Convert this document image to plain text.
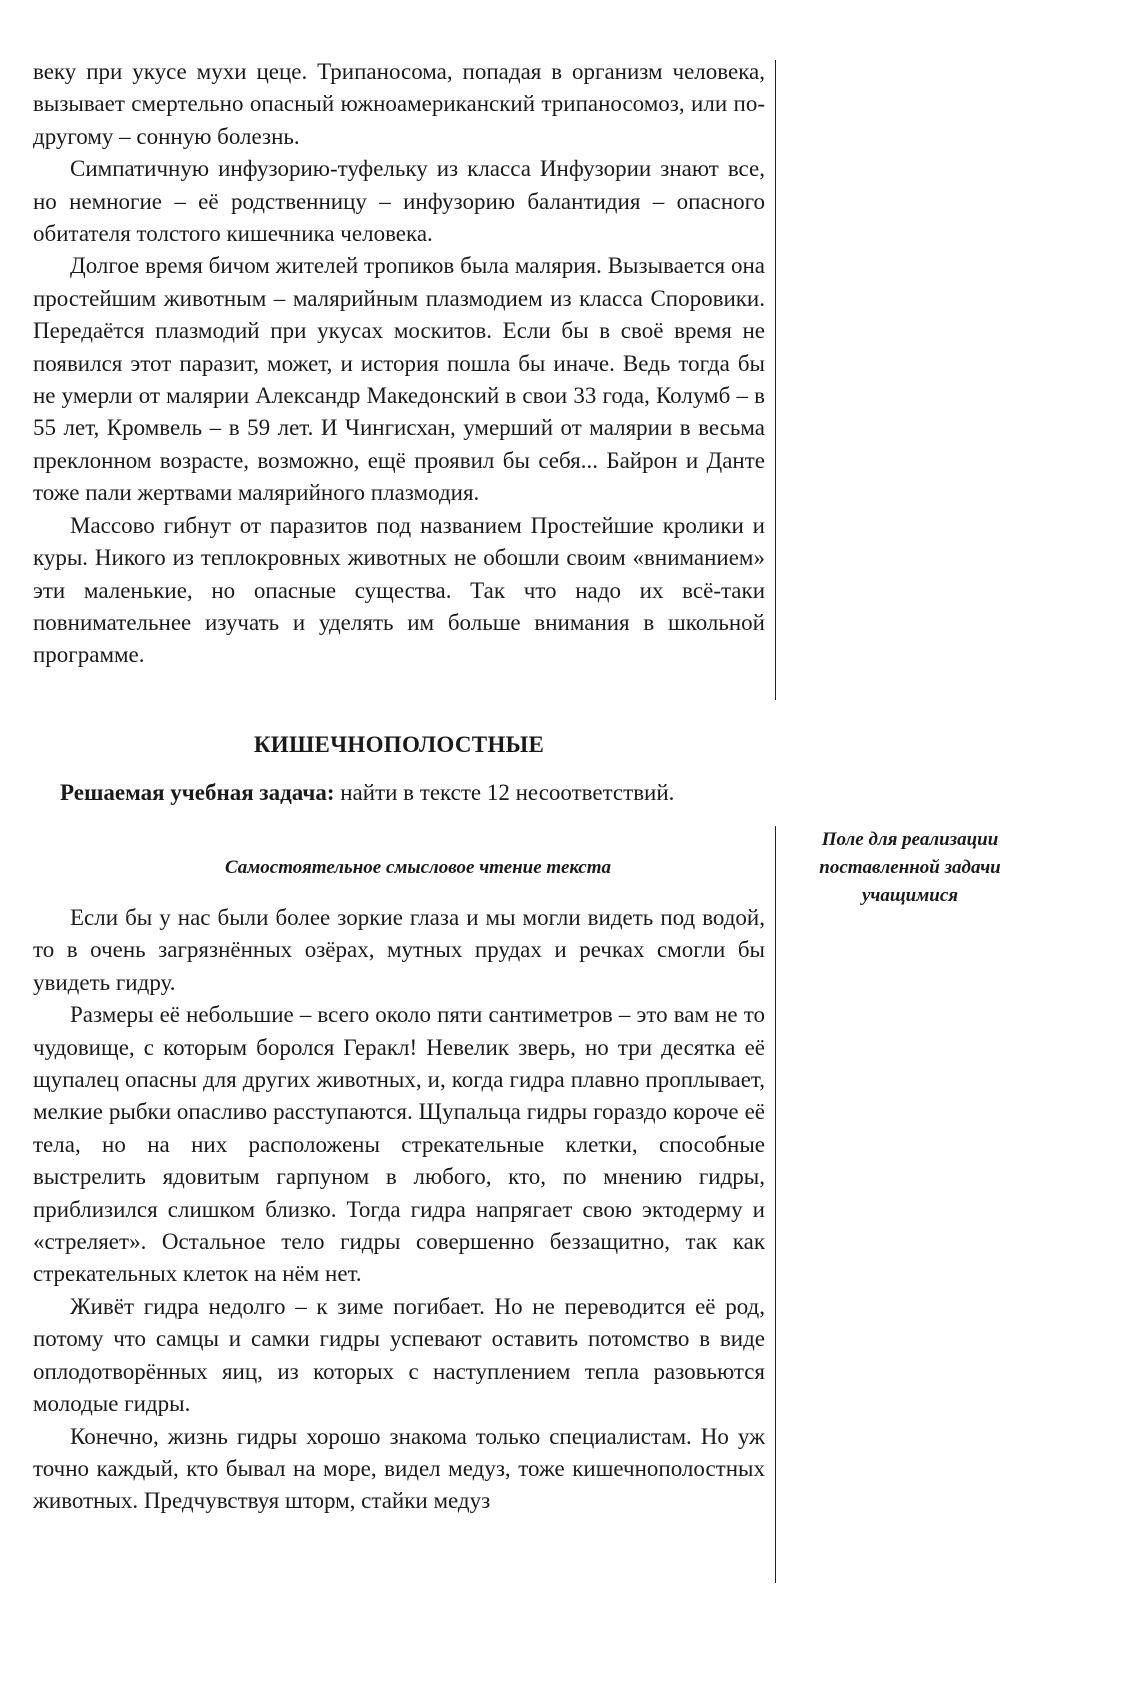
веку при укусе мухи цеце. Трипаносома, попадая в организм человека, вызывает смертельно опасный южноамериканский трипаносомоз, или по-другому – сонную болезнь.

Симпатичную инфузорию-туфельку из класса Инфузории знают все, но немногие – её родственницу – инфузорию балантидия – опасного обитателя толстого кишечника человека.

Долгое время бичом жителей тропиков была малярия. Вызывается она простейшим животным – малярийным плазмодием из класса Споровики. Передаётся плазмодий при укусах москитов. Если бы в своё время не появился этот паразит, может, и история пошла бы иначе. Ведь тогда бы не умерли от малярии Александр Македонский в свои 33 года, Колумб – в 55 лет, Кромвель – в 59 лет. И Чингисхан, умерший от малярии в весьма преклонном возрасте, возможно, ещё проявил бы себя... Байрон и Данте тоже пали жертвами малярийного плазмодия.

Массово гибнут от паразитов под названием Простейшие кролики и куры. Никого из теплокровных животных не обошли своим «вниманием» эти маленькие, но опасные существа. Так что надо их всё-таки повнимательнее изучать и уделять им больше внимания в школьной программе.

КИШЕЧНОПОЛОСТНЫЕ
Решаемая учебная задача: найти в тексте 12 несоответствий.
Самостоятельное смысловое чтение текста
Поле для реализации
поставленной задачи
учащимися

Если бы у нас были более зоркие глаза и мы могли видеть под водой, то в очень загрязнённых озёрах, мутных прудах и речках смогли бы увидеть гидру.

Размеры её небольшие – всего около пяти сантиметров – это вам не то чудовище, с которым боролся Геракл! Невелик зверь, но три десятка её щупалец опасны для других животных, и, когда гидра плавно проплывает, мелкие рыбки опасливо расступаются. Щупальца гидры гораздо короче её тела, но на них расположены стрекательные клетки, способные выстрелить ядовитым гарпуном в любого, кто, по мнению гидры, приблизился слишком близко. Тогда гидра напрягает свою эктодерму и «стреляет». Остальное тело гидры совершенно беззащитно, так как стрекательных клеток на нём нет.

Живёт гидра недолго – к зиме погибает. Но не переводится её род, потому что самцы и самки гидры успевают оставить потомство в виде оплодотворённых яиц, из которых с наступлением тепла разовьются молодые гидры.

Конечно, жизнь гидры хорошо знакома только специалистам. Но уж точно каждый, кто бывал на море, видел медуз, тоже кишечнополостных животных. Предчувствуя шторм, стайки медуз
